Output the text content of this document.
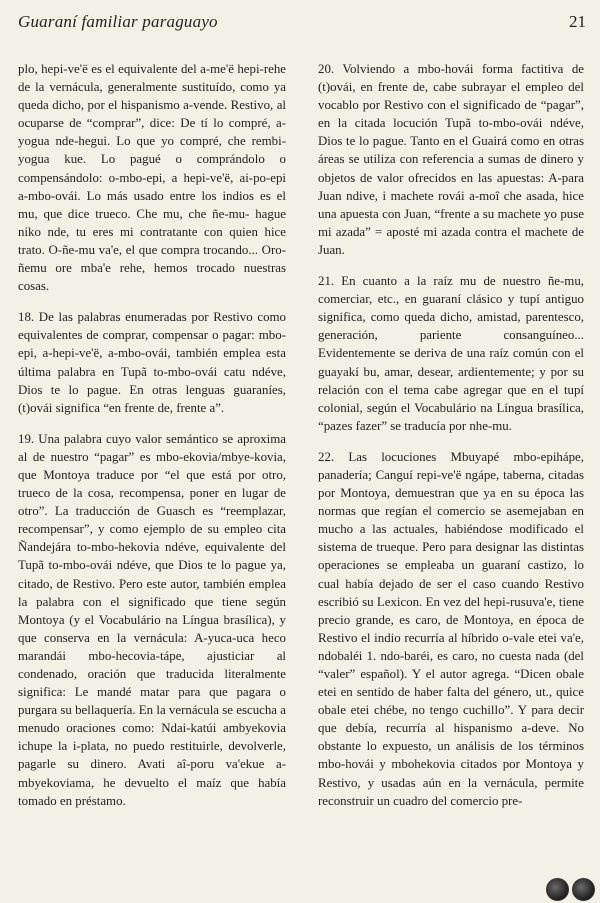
Guaraní familiar paraguayo	21

plo, hepi-ve'ë es el equivalente del a-me'ë hepi-rehe de la vernácula, generalmente sustituído, como ya queda dicho, por el hispanismo a-vende. Restivo, al ocuparse de “comprar”, dice: De tí lo compré, a-yogua nde-hegui. Lo que yo compré, che rembi-yogua kue. Lo pagué o comprándolo o compensándolo: o-mbo-epi, a hepi-ve'ë, ai-po-epi a-mbo-ovái. Lo más usado entre los indios es el mu, que dice trueco. Che mu, che ñe-mu- hague niko nde, tu eres mi contratante con quien hice trato. O-ñe-mu va'e, el que compra trocando... Oro-ñemu ore mba'e rehe, hemos trocado nuestras cosas.

18. De las palabras enumeradas por Restivo como equivalentes de comprar, compensar o pagar: mbo-epi, a-hepi-ve'ë, a-mbo-ovái, también emplea esta última palabra en Tupã to-mbo-ovái catu ndéve, Dios te lo pague. En otras lenguas guaraníes, (t)ovái significa “en frente de, frente a”.

19. Una palabra cuyo valor semántico se aproxima al de nuestro “pagar” es mbo-ekovia/mbye-kovia, que Montoya traduce por “el que está por otro, trueco de la cosa, recompensa, poner en lugar de otro”. La traducción de Guasch es “reemplazar, recompensar”, y como ejemplo de su empleo cita Ñandejára to-mbo-hekovia ndéve, equivalente del Tupã to-mbo-ovái ndéve, que Dios te lo pague ya, citado, de Restivo. Pero este autor, también emplea la palabra con el significado que tiene según Montoya (y el Vocabulário na Língua brasílica), y que conserva en la vernácula: A-yuca-uca heco marandái mbo-hecovia-tápe, ajusticiar al condenado, oración que traducida literalmente significa: Le mandé matar para que pagara o purgara su bellaquería. En la vernácula se escucha a menudo oraciones como: Ndai-katúi ambyekovia ichupe la i-plata, no puedo restituirle, devolverle, pagarle su dinero. Avati aî-poru va'ekue a-mbyekoviama, he devuelto el maíz que había tomado en préstamo.

20. Volviendo a mbo-hovái forma factitiva de (t)ovái, en frente de, cabe subrayar el empleo del vocablo por Restivo con el significado de “pagar”, en la citada locución Tupã to-mbo-ovái ndéve, Dios te lo pague. Tanto en el Guairá como en otras áreas se utiliza con referencia a sumas de dinero y objetos de valor ofrecidos en las apuestas: A-para Juan ndive, i machete rovái a-moî che asada, hice una apuesta con Juan, “frente a su machete yo puse mi azada” = aposté mi azada contra el machete de Juan.

21. En cuanto a la raíz mu de nuestro ñe-mu, comerciar, etc., en guaraní clásico y tupí antiguo significa, como queda dicho, amistad, parentesco, generación, pariente consanguíneo... Evidentemente se deriva de una raíz común con el guayakí bu, amar, desear, ardientemente; y por su relación con el tema cabe agregar que en el tupí colonial, según el Vocabulário na Língua brasílica, “pazes fazer” se traducía por nhe-mu.

22. Las locuciones Mbuyapé mbo-epihápe, panadería; Canguí repi-ve'ë ngápe, taberna, citadas por Montoya, demuestran que ya en su época las normas que regían el comercio se asemejaban en mucho a las actuales, habiéndose modificado el sistema de trueque. Pero para designar las distintas operaciones se empleaba un guaraní castizo, lo cual había dejado de ser el caso cuando Restivo escribió su Lexicon. En vez del hepi-rusuva'e, tiene precio grande, es caro, de Montoya, en época de Restivo el indio recurría al híbrido o-vale etei va'e, ndobaléi 1. ndo-baréi, es caro, no cuesta nada (del “valer” español). Y el autor agrega. “Dicen obale etei en sentido de haber falta del género, ut., quice obale etei chébe, no tengo cuchillo”. Y para decir que debía, recurría al hispanismo a-deve. No obstante lo expuesto, un análisis de los términos mbo-hovái y mbohekovia citados por Montoya y Restivo, y usadas aún en la vernácula, permite reconstruir un cuadro del comercio pre-
